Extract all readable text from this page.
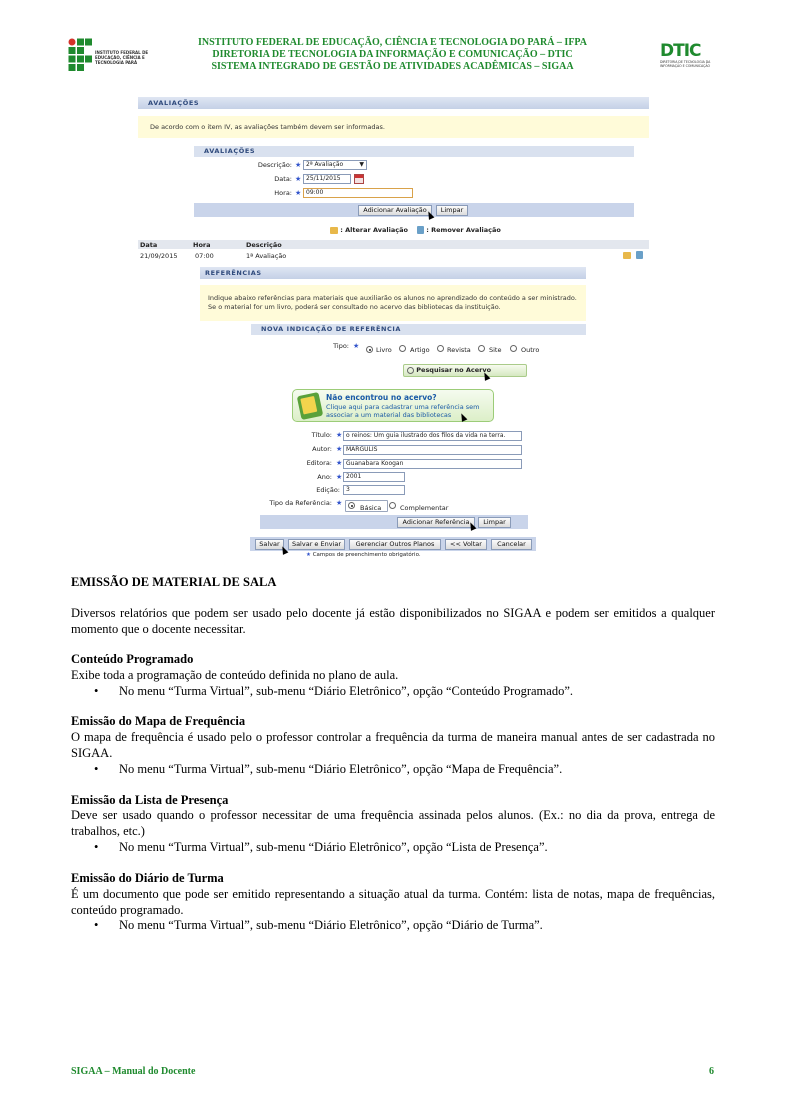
INSTITUTO FEDERAL DE EDUCAÇÃO, CIÊNCIA E TECNOLOGIA PARÁ
INSTITUTO FEDERAL DE EDUCAÇÃO, CIÊNCIA E TECNOLOGIA DO PARÁ – IFPA
DIRETORIA DE TECNOLOGIA DA INFORMAÇÃO E COMUNICAÇÃO – DTIC
SISTEMA INTEGRADO DE GESTÃO DE ATIVIDADES ACADÊMICAS – SIGAA
DTIC
DIRETORIA DE TECNOLOGIA DA INFORMAÇÃO E COMUNICAÇÃO
AVALIAÇÕES
De acordo com o item IV, as avaliações também devem ser informadas.
AVALIAÇÕES
Descrição: ★ 2ª Avaliação	▼
Data: ★ 25/11/2015
Hora: ★ 09:00
Adicionar Avaliação	Limpar
: Alterar Avaliação	: Remover Avaliação
Data	Hora	Descrição
21/09/2015	07:00	1ª Avaliação
REFERÊNCIAS
Indique abaixo referências para materiais que auxiliarão os alunos no aprendizado do conteúdo a ser ministrado.
Se o material for um livro, poderá ser consultado no acervo das bibliotecas da instituição.
NOVA INDICAÇÃO DE REFERÊNCIA
Tipo: ★	Livro	Artigo	Revista	Site	Outro
Pesquisar no Acervo
Não encontrou no acervo?
Clique aqui para cadastrar uma referência sem
associar a um material das bibliotecas
Título: ★ o reinos: Um guia ilustrado dos filos da vida na terra.
Autor: ★ MARGULIS
Editora: ★ Guanabara Koogan
Ano: ★ 2001
Edição:	3
Tipo da Referência: ★
Básica	Complementar
Adicionar Referência	Limpar
Salvar	Salvar e Enviar	Gerenciar Outros Planos	<< Voltar	Cancelar
★ Campos de preenchimento obrigatório.
EMISSÃO DE MATERIAL DE SALA
Diversos relatórios que podem ser usado pelo docente já estão disponibilizados no SIGAA e podem ser emitidos a qualquer momento que o docente necessitar.
Conteúdo Programado
Exibe toda a programação de conteúdo definida no plano de aula.
• No menu “Turma Virtual”, sub-menu “Diário Eletrônico”, opção “Conteúdo Programado”.
Emissão do Mapa de Frequência
O mapa de frequência é usado pelo o professor controlar a frequência da turma de maneira manual antes de ser cadastrada no SIGAA.
• No menu “Turma Virtual”, sub-menu “Diário Eletrônico”, opção “Mapa de Frequência”.
Emissão da Lista de Presença
Deve ser usado quando o professor necessitar de uma frequência assinada pelos alunos. (Ex.: no dia da prova, entrega de trabalhos, etc.)
• No menu “Turma Virtual”, sub-menu “Diário Eletrônico”, opção “Lista de Presença”.
Emissão do Diário de Turma
É um documento que pode ser emitido representando a situação atual da turma. Contém: lista de notas, mapa de frequências, conteúdo programado.
• No menu “Turma Virtual”, sub-menu “Diário Eletrônico”, opção “Diário de Turma”.
SIGAA – Manual do Docente	6
